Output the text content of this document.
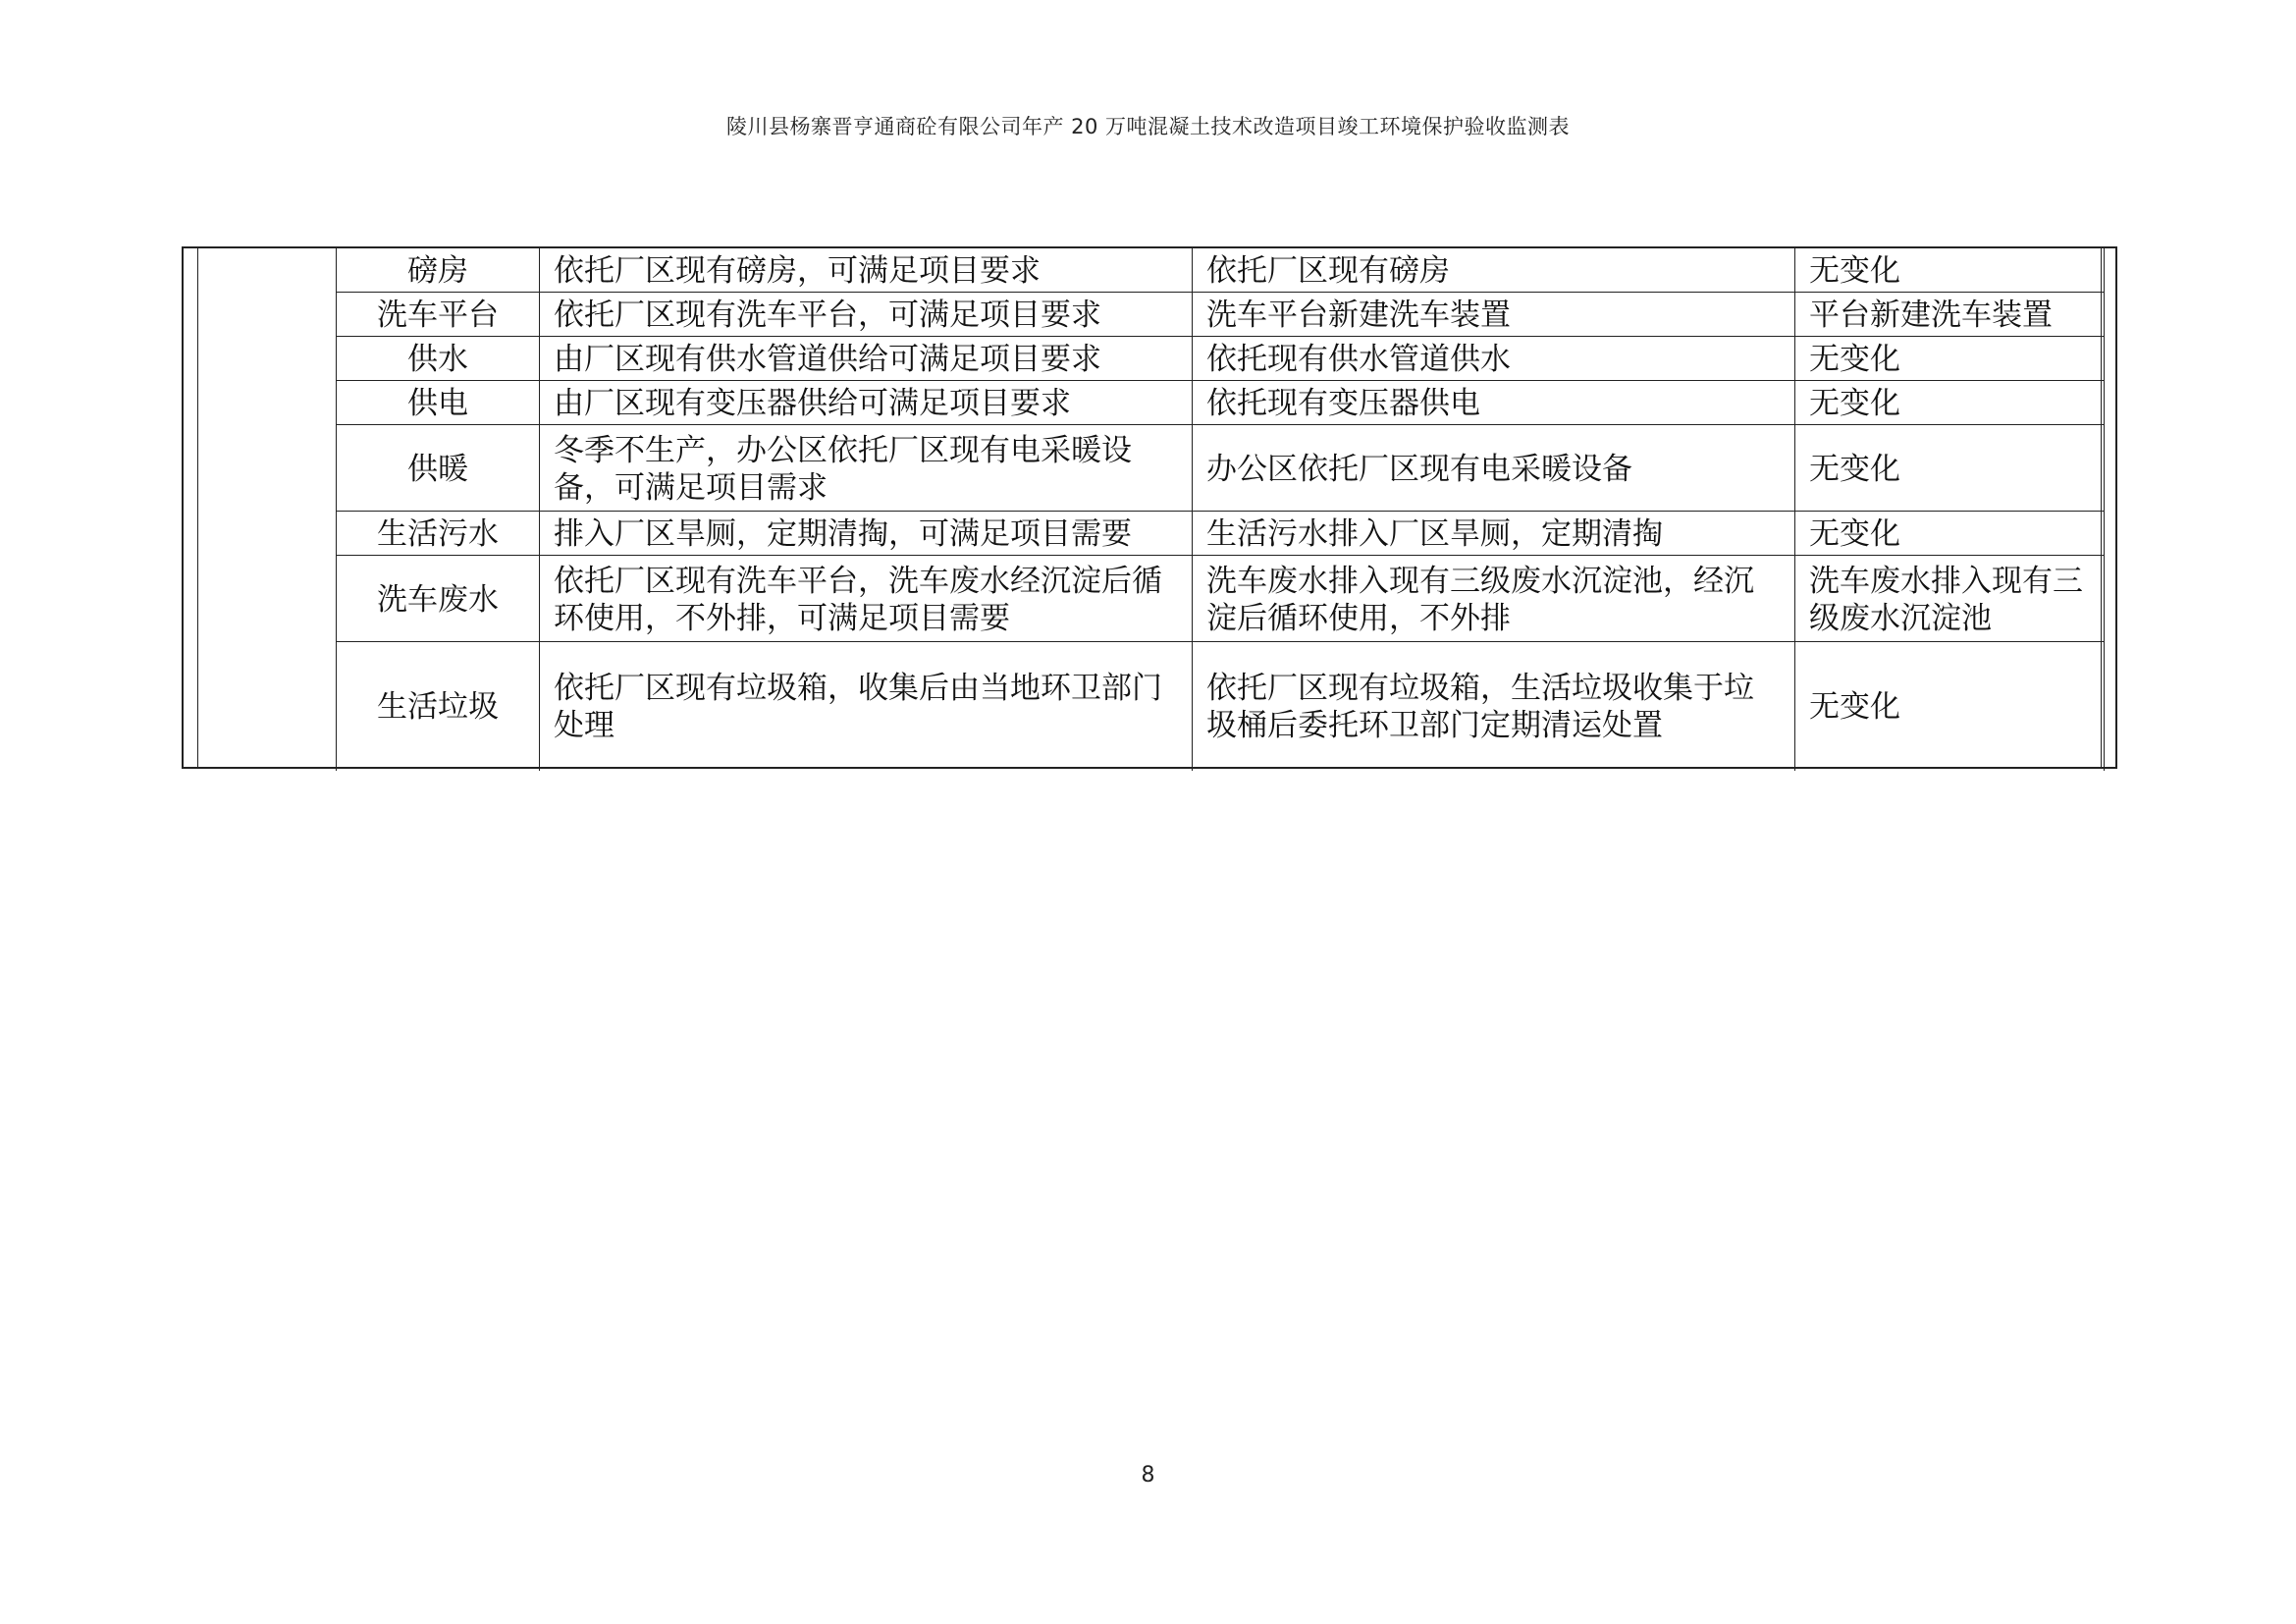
陵川县杨寨晋亨通商砼有限公司年产 20 万吨混凝土技术改造项目竣工环境保护验收监测表
磅房	依托厂区现有磅房，可满足项目要求	依托厂区现有磅房	无变化
洗车平台	依托厂区现有洗车平台，可满足项目要求	洗车平台新建洗车装置	平台新建洗车装置
供水	由厂区现有供水管道供给可满足项目要求	依托现有供水管道供水	无变化
供电	由厂区现有变压器供给可满足项目要求	依托现有变压器供电	无变化
供暖	冬季不生产，办公区依托厂区现有电采暖设备，可满足项目需求	办公区依托厂区现有电采暖设备	无变化
生活污水	排入厂区旱厕，定期清掏，可满足项目需要	生活污水排入厂区旱厕，定期清掏	无变化
洗车废水	依托厂区现有洗车平台，洗车废水经沉淀后循环使用，不外排，可满足项目需要	洗车废水排入现有三级废水沉淀池，经沉淀后循环使用，不外排	洗车废水排入现有三级废水沉淀池
生活垃圾	依托厂区现有垃圾箱，收集后由当地环卫部门处理	依托厂区现有垃圾箱，生活垃圾收集于垃圾桶后委托环卫部门定期清运处置	无变化
8
